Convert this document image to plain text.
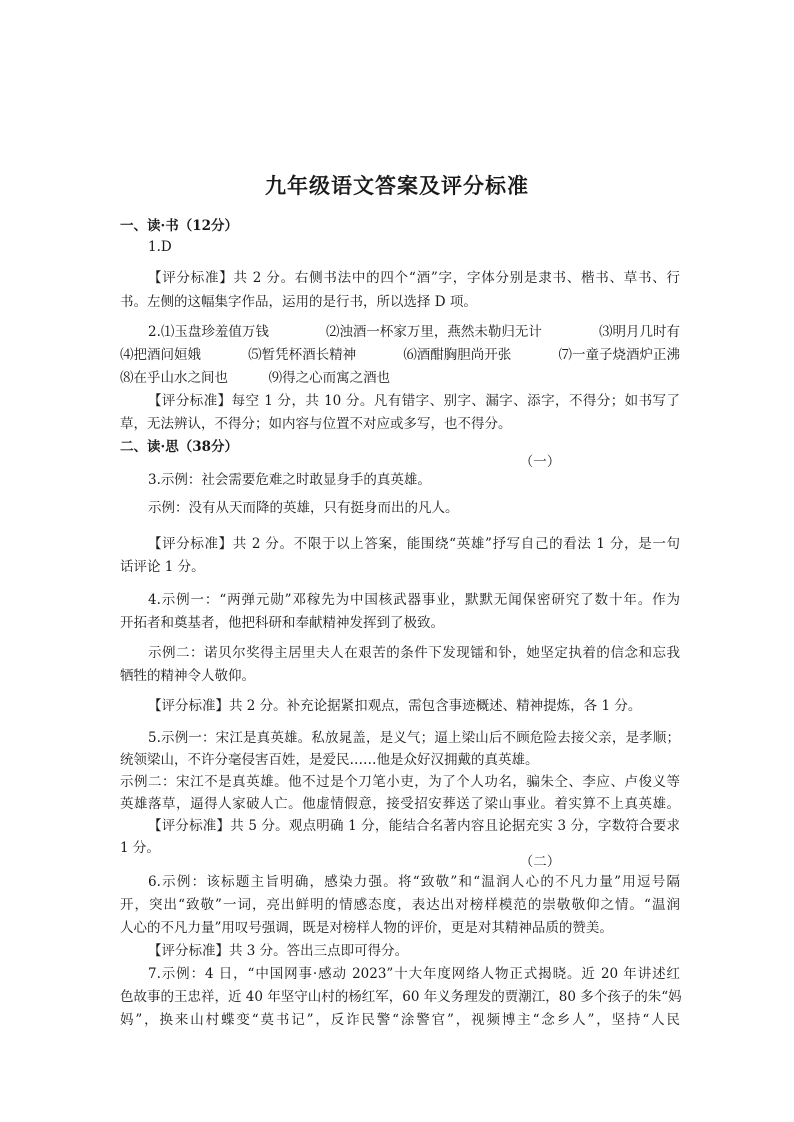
九年级语文答案及评分标准
一、读·书（12分）
1.D
【评分标准】共 2 分。右侧书法中的四个“酒”字，字体分别是隶书、楷书、草书、行
书。左侧的这幅集字作品，运用的是行书，所以选择 D 项。
2.⑴玉盘珍羞值万钱	⑵浊酒一杯家万里，燕然未勒归无计	⑶明月几时有
⑷把酒问姮娥	⑸暂凭杯酒长精神	⑹酒酣胸胆尚开张	⑺一童子烧酒炉正沸
⑻在乎山水之间也	⑼得之心而寓之酒也
【评分标准】每空 1 分，共 10 分。凡有错字、别字、漏字、添字，不得分；如书写了
草，无法辨认，不得分；如内容与位置不对应或多写，也不得分。
二、读·思（38分）
（一）
3.示例：社会需要危难之时敢显身手的真英雄。
示例：没有从天而降的英雄，只有挺身而出的凡人。
【评分标准】共 2 分。不限于以上答案，能围绕“英雄”抒写自己的看法 1 分，是一句
话评论 1 分。
4.示例一：“两弹元勋”邓稼先为中国核武器事业，默默无闻保密研究了数十年。作为
开拓者和奠基者，他把科研和奉献精神发挥到了极致。
示例二：诺贝尔奖得主居里夫人在艰苦的条件下发现镭和钋，她坚定执着的信念和忘我
牺牲的精神令人敬仰。
【评分标准】共 2 分。补充论据紧扣观点，需包含事迹概述、精神提炼，各 1 分。
5.示例一：宋江是真英雄。私放晁盖，是义气；逼上梁山后不顾危险去接父亲，是孝顺；
统领梁山，不许分毫侵害百姓，是爱民……他是众好汉拥戴的真英雄。
示例二：宋江不是真英雄。他不过是个刀笔小吏，为了个人功名，骗朱仝、李应、卢俊义等
英雄落草，逼得人家破人亡。他虚情假意，接受招安葬送了梁山事业。着实算不上真英雄。
【评分标准】共 5 分。观点明确 1 分，能结合名著内容且论据充实 3 分，字数符合要求
1 分。
（二）
6.示例：该标题主旨明确，感染力强。将“致敬”和“温润人心的不凡力量”用逗号隔
开，突出“致敬”一词，亮出鲜明的情感态度，表达出对榜样模范的崇敬敬仰之情。“温润
人心的不凡力量”用叹号强调，既是对榜样人物的评价，更是对其精神品质的赞美。
【评分标准】共 3 分。答出三点即可得分。
7.示例：4 日，“中国网事·感动 2023”十大年度网络人物正式揭晓。近 20 年讲述红
色故事的王忠祥，近 40 年坚守山村的杨红军，60 年义务理发的贾潮江，80 多个孩子的朱“妈
妈”，换来山村蝶变“莫书记”，反诈民警“涂警官”，视频博主“念乡人”，坚持“人民
